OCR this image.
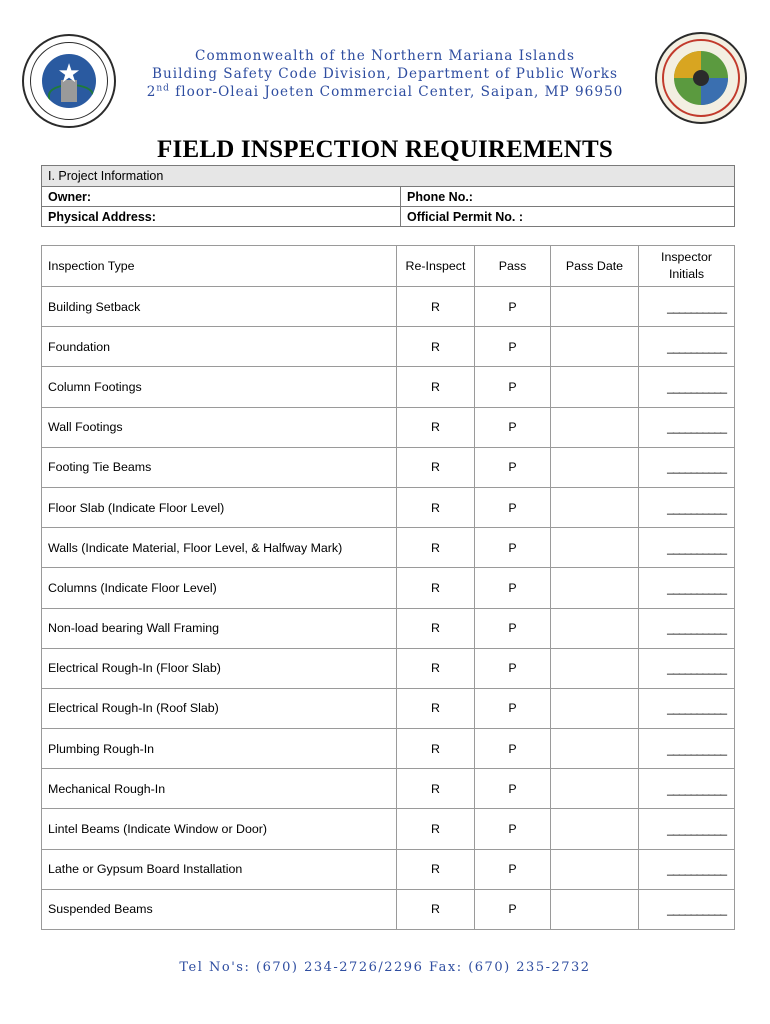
★
Commonwealth of the Northern Mariana Islands
Building Safety Code Division, Department of Public Works
2nd floor-Oleai Joeten Commercial Center, Saipan, MP 96950
FIELD INSPECTION REQUIREMENTS
I. Project Information	
Owner:	Phone No.:
Physical Address:	Official Permit No. :
Inspection Type	Re-Inspect	Pass	Pass Date	Inspector
Initials
Building Setback	R	P		__________
Foundation	R	P		__________
Column Footings	R	P		__________
Wall Footings	R	P		__________
Footing Tie Beams	R	P		__________
Floor Slab (Indicate Floor Level)	R	P		__________
Walls (Indicate Material, Floor Level, & Halfway Mark)	R	P		__________
Columns (Indicate Floor Level)	R	P		__________
Non-load bearing Wall Framing	R	P		__________
Electrical Rough-In (Floor Slab)	R	P		__________
Electrical Rough-In (Roof Slab)	R	P		__________
Plumbing Rough-In	R	P		__________
Mechanical Rough-In	R	P		__________
Lintel Beams (Indicate Window or Door)	R	P		__________
Lathe or Gypsum Board Installation	R	P		__________
Suspended Beams	R	P		__________
Tel No's: (670) 234-2726/2296 Fax: (670) 235-2732
